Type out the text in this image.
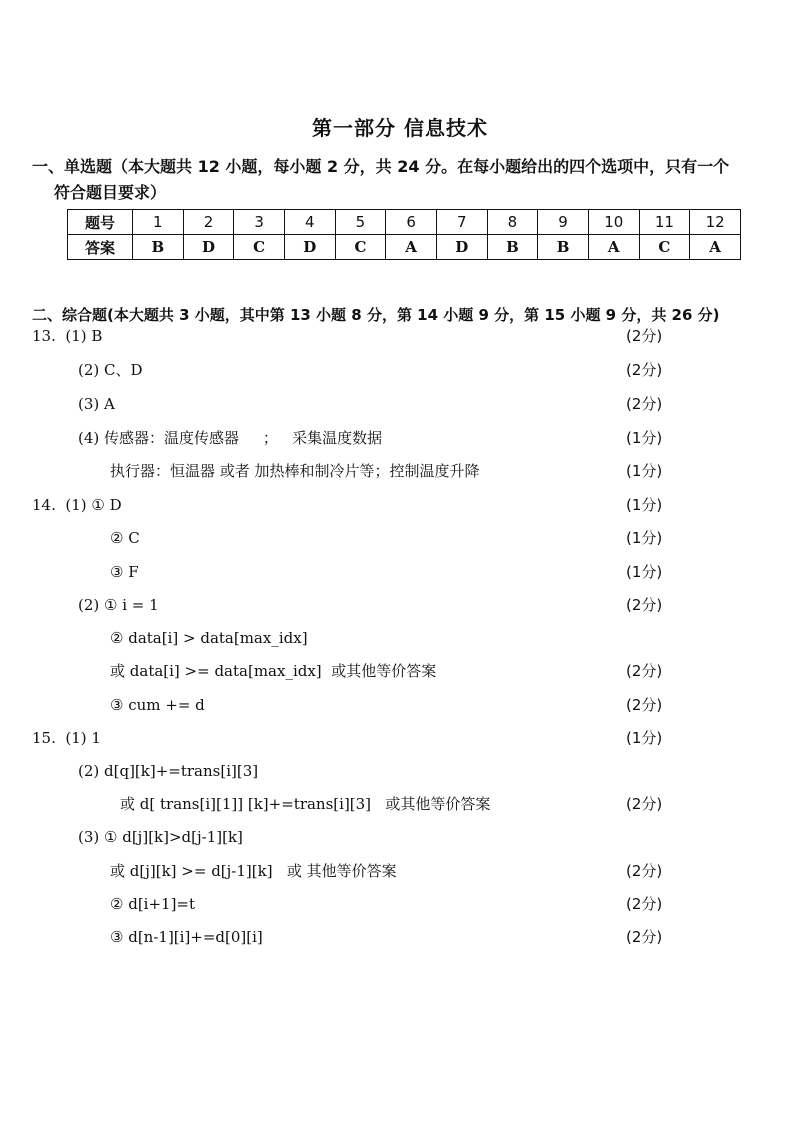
第一部分 信息技术
一、单选题（本大题共 12 小题，每小题 2 分，共 24 分。在每小题给出的四个选项中，只有一个
符合题目要求）
题号	1	2	3	4	5	6	7	8	9	10	11	12
答案	B	D	C	D	C	A	D	B	B	A	C	A
二、综合题(本大题共 3 小题，其中第 13 小题 8 分，第 14 小题 9 分，第 15 小题 9 分，共 26 分)
13.  (1) B	(2分)
(2) C、D	(2分)
(3) A	(2分)
(4) 传感器：温度传感器     ；   采集温度数据	(1分)
执行器：恒温器 或者 加热棒和制冷片等；控制温度升降	(1分)
14.  (1) ① D	(1分)
② C	(1分)
③ F	(1分)
(2) ① i = 1	(2分)
② data[i] > data[max_idx]
或 data[i] >= data[max_idx]  或其他等价答案	(2分)
③ cum += d	(2分)
15.  (1) 1	(1分)
(2) d[q][k]+=trans[i][3]
或 d[ trans[i][1]] [k]+=trans[i][3]   或其他等价答案	(2分)
(3) ① d[j][k]>d[j-1][k]
或 d[j][k] >= d[j-1][k]   或 其他等价答案	(2分)
② d[i+1]=t	(2分)
③ d[n-1][i]+=d[0][i]	(2分)
